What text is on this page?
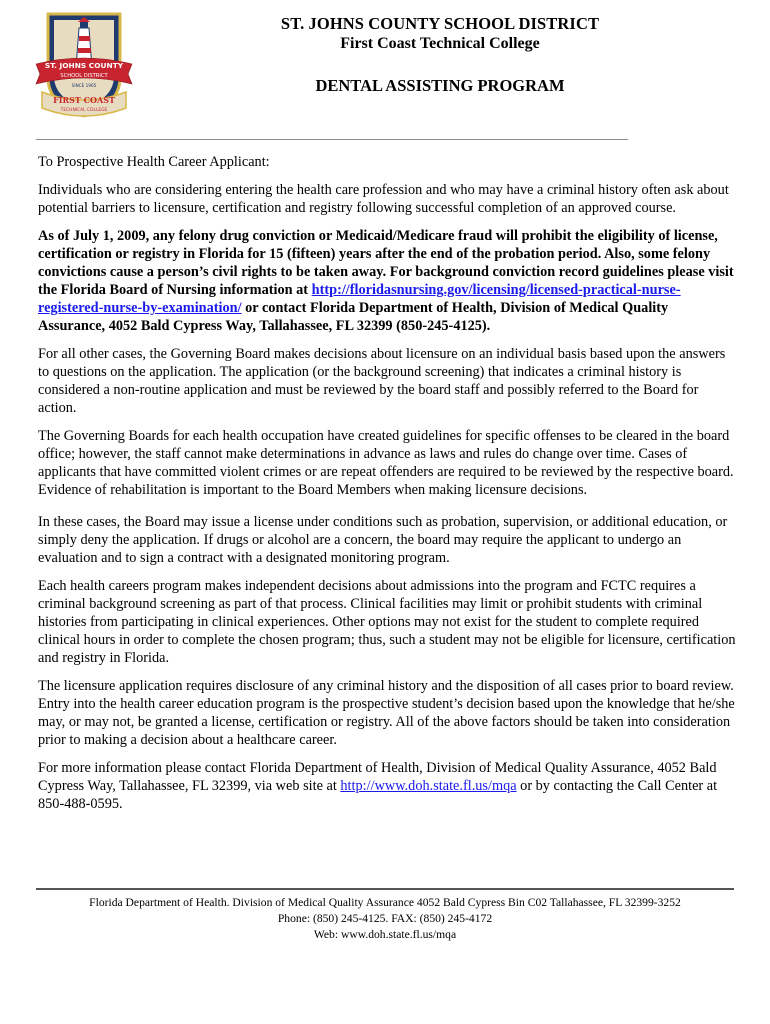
ST. JOHNS COUNTY
SCHOOL DISTRICT
SINCE 1965
FIRST COAST
TECHNICAL COLLEGE
ST. JOHNS COUNTY SCHOOL DISTRICT
First Coast Technical College
DENTAL ASSISTING PROGRAM

To Prospective Health Career Applicant:

Individuals who are considering entering the health care profession and who may have a criminal history often ask about potential barriers to licensure, certification and registry following successful completion of an approved course.

As of July 1, 2009, any felony drug conviction or Medicaid/Medicare fraud will prohibit the eligibility of license, certification or registry in Florida for 15 (fifteen) years after the end of the probation period. Also, some felony convictions cause a person’s civil rights to be taken away. For background conviction record guidelines please visit the Florida Board of Nursing information at http://floridasnursing.gov/licensing/licensed-practical-nurse-registered-nurse-by-examination/ or contact Florida Department of Health, Division of Medical Quality Assurance, 4052 Bald Cypress Way, Tallahassee, FL 32399 (850-245-4125).

For all other cases, the Governing Board makes decisions about licensure on an individual basis based upon the answers to questions on the application. The application (or the background screening) that indicates a criminal history is considered a non-routine application and must be reviewed by the board staff and possibly referred to the Board for action.

The Governing Boards for each health occupation have created guidelines for specific offenses to be cleared in the board office; however, the staff cannot make determinations in advance as laws and rules do change over time. Cases of applicants that have committed violent crimes or are repeat offenders are required to be reviewed by the respective board. Evidence of rehabilitation is important to the Board Members when making licensure decisions.

In these cases, the Board may issue a license under conditions such as probation, supervision, or additional education, or simply deny the application. If drugs or alcohol are a concern, the board may require the applicant to undergo an evaluation and to sign a contract with a designated monitoring program.

Each health careers program makes independent decisions about admissions into the program and FCTC requires a criminal background screening as part of that process. Clinical facilities may limit or prohibit students with criminal histories from participating in clinical experiences. Other options may not exist for the student to complete required clinical hours in order to complete the chosen program; thus, such a student may not be eligible for licensure, certification and registry in Florida.

The licensure application requires disclosure of any criminal history and the disposition of all cases prior to board review. Entry into the health career education program is the prospective student’s decision based upon the knowledge that he/she may, or may not, be granted a license, certification or registry. All of the above factors should be taken into consideration prior to making a decision about a healthcare career.

For more information please contact Florida Department of Health, Division of Medical Quality Assurance, 4052 Bald Cypress Way, Tallahassee, FL 32399, via web site at http://www.doh.state.fl.us/mqa or by contacting the Call Center at 850-488-0595.

Florida Department of Health. Division of Medical Quality Assurance 4052 Bald Cypress Bin C02 Tallahassee, FL 32399-3252
Phone: (850) 245-4125. FAX: (850) 245-4172
Web: www.doh.state.fl.us/mqa
